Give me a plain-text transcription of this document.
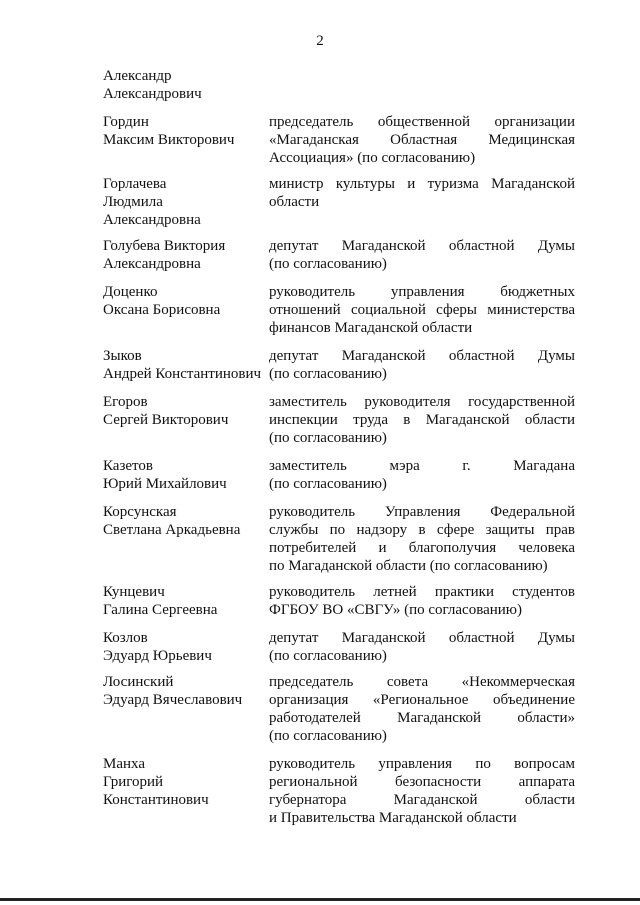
2
Александр
Александрович
Гордин
Максим Викторович
председатель общественной организации
«Магаданская Областная Медицинская
Ассоциация» (по согласованию)
Горлачева
Людмила
Александровна
министр культуры и туризма Магаданской
области
Голубева Виктория
Александровна
депутат Магаданской областной Думы
(по согласованию)
Доценко
Оксана Борисовна
руководитель управления бюджетных
отношений социальной сферы министерства
финансов Магаданской области
Зыков
Андрей Константинович
депутат Магаданской областной Думы
(по согласованию)
Егоров
Сергей Викторович
заместитель руководителя государственной
инспекции труда в Магаданской области
(по согласованию)
Казетов
Юрий Михайлович
заместитель мэра г. Магадана
(по согласованию)
Корсунская
Светлана Аркадьевна
руководитель Управления Федеральной
службы по надзору в сфере защиты прав
потребителей и благополучия человека
по Магаданской области (по согласованию)
Кунцевич
Галина Сергеевна
руководитель летней практики студентов
ФГБОУ ВО «СВГУ» (по согласованию)
Козлов
Эдуард Юрьевич
депутат Магаданской областной Думы
(по согласованию)
Лосинский
Эдуард Вячеславович
председатель совета «Некоммерческая
организация «Региональное объединение
работодателей Магаданской области»
(по согласованию)
Манха
Григорий
Константинович
руководитель управления по вопросам
региональной безопасности аппарата
губернатора Магаданской области
и Правительства Магаданской области
